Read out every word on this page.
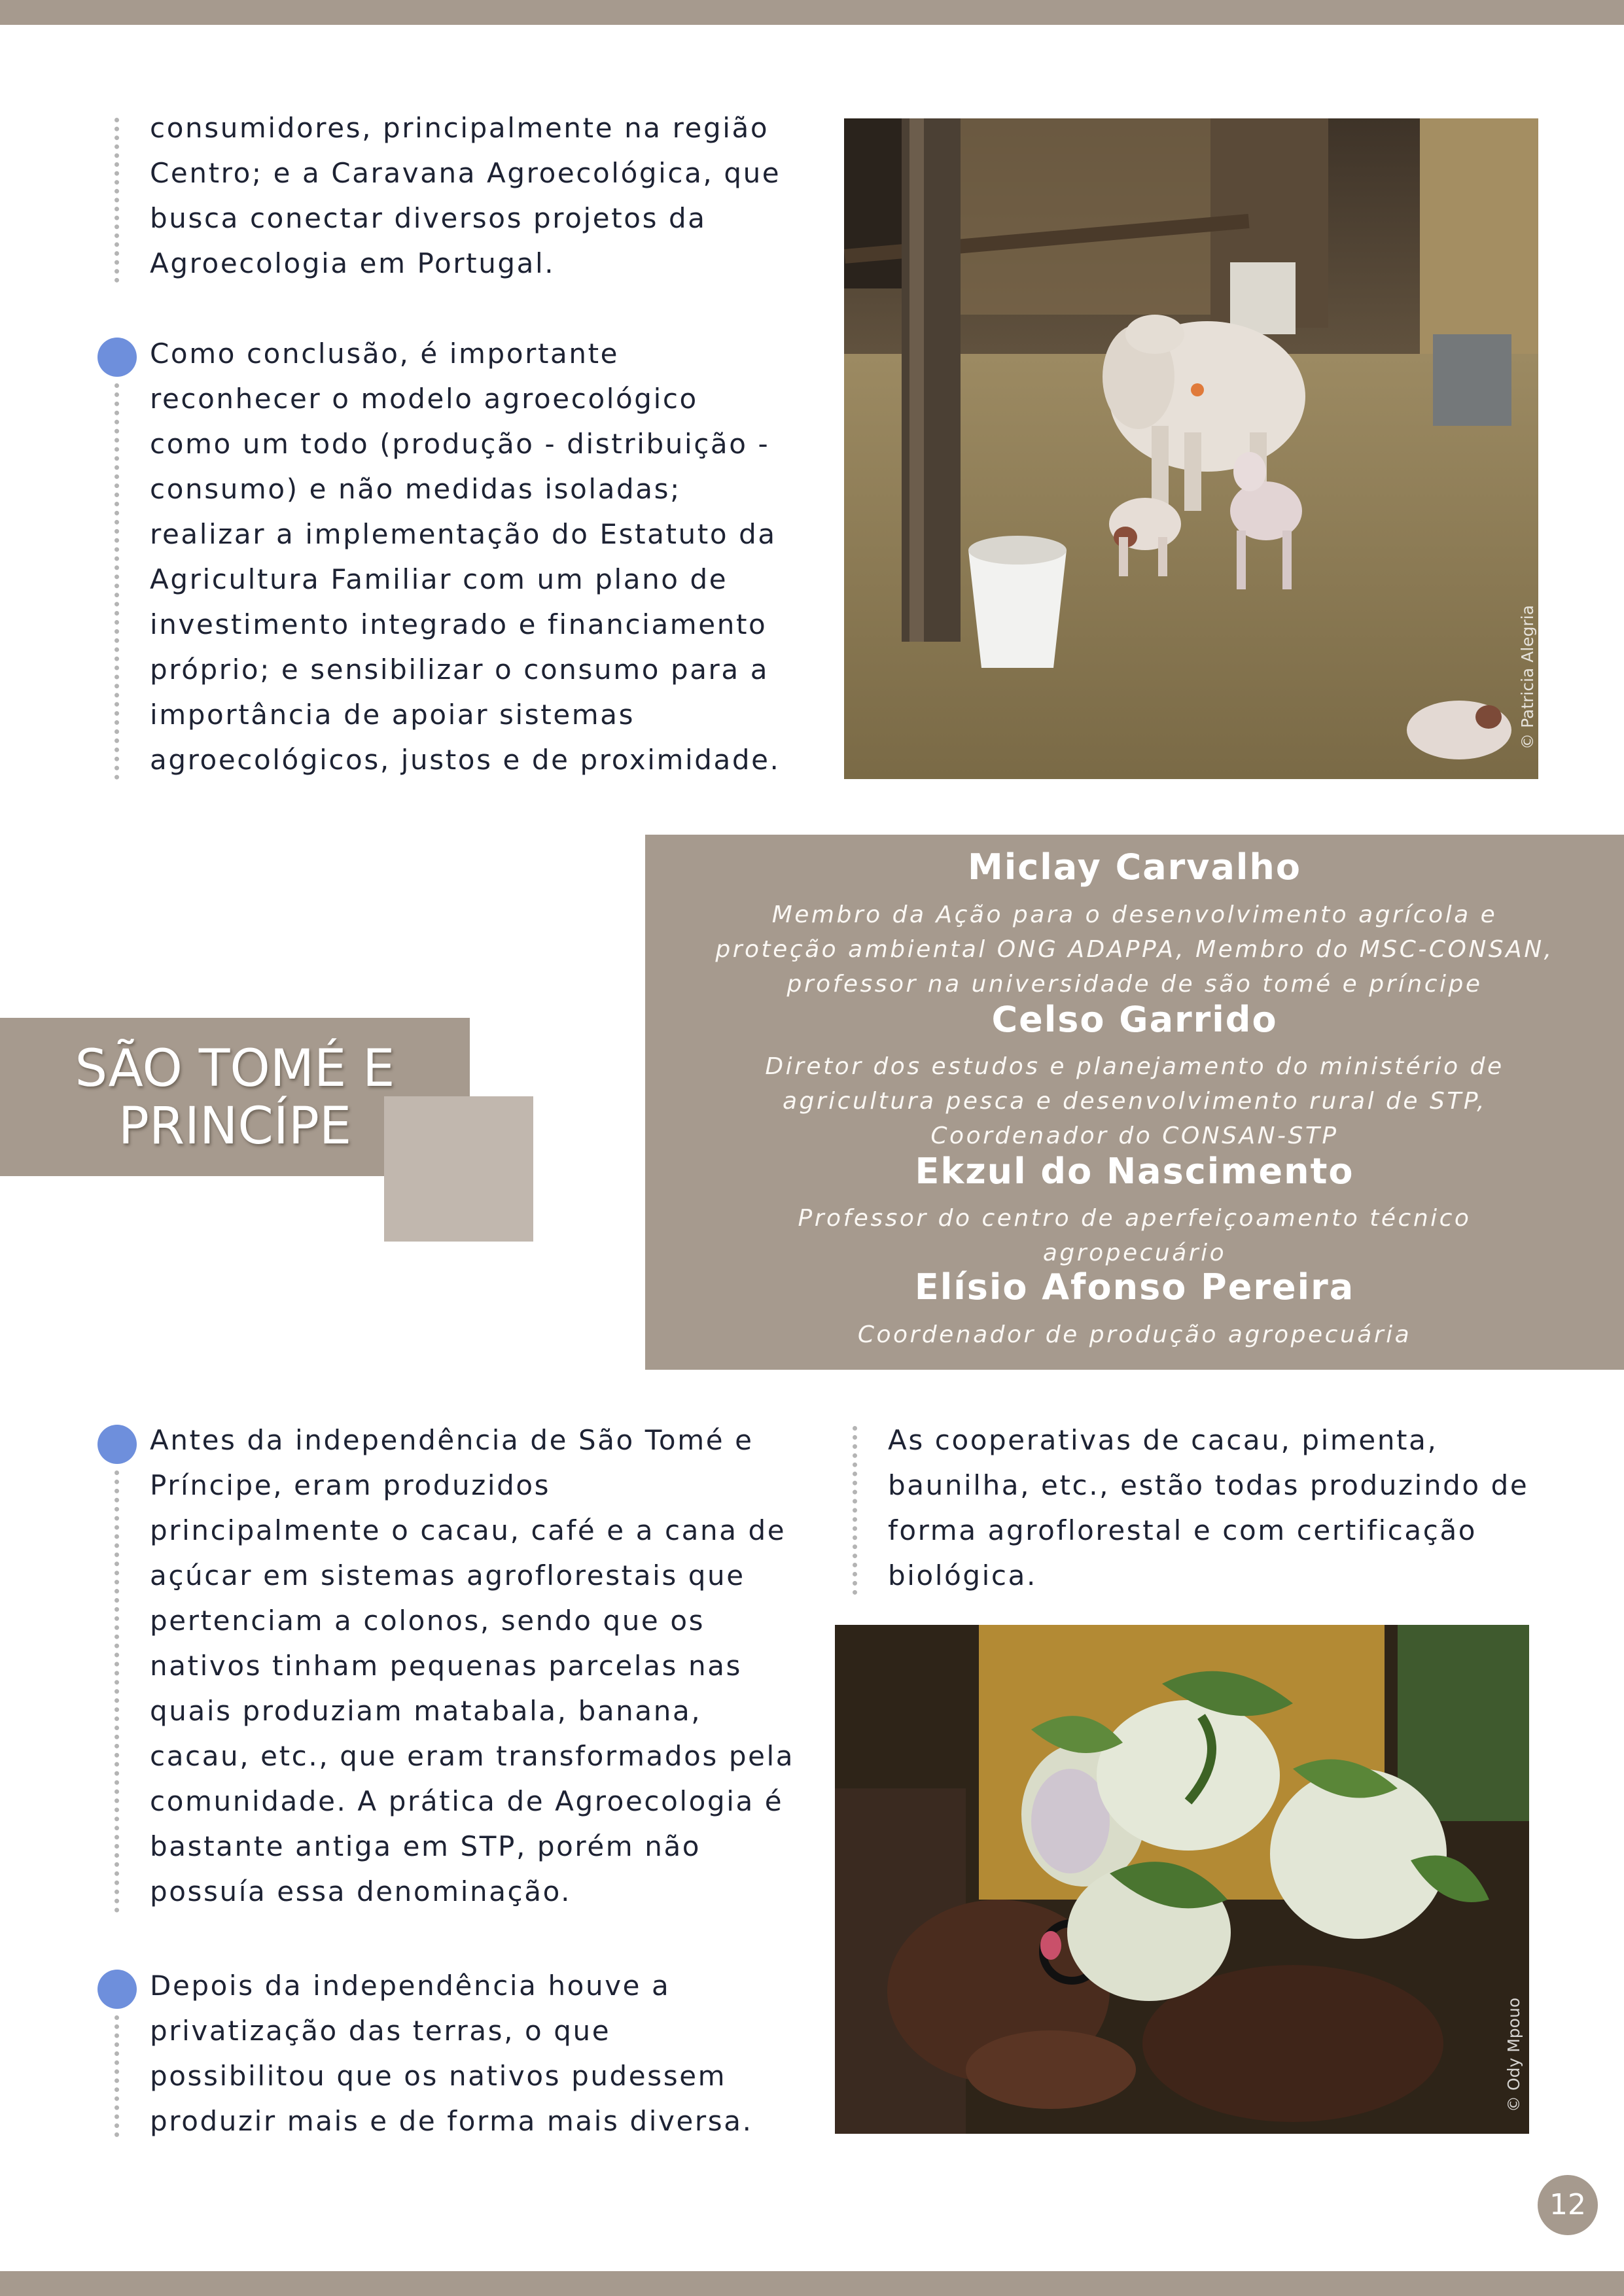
consumidores, principalmente na região
Centro; e a Caravana Agroecológica, que
busca conectar diversos projetos da
Agroecologia em Portugal.

Como conclusão, é importante
reconhecer o modelo agroecológico
como um todo (produção - distribuição -
consumo) e não medidas isoladas;
realizar a implementação do Estatuto da
Agricultura Familiar com um plano de
investimento integrado e financiamento
próprio; e sensibilizar o consumo para a
importância de apoiar sistemas
agroecológicos, justos e de proximidade.

© Patricia Alegria
SÃO TOMÉ E
PRINCÍPE
Miclay Carvalho
Membro da Ação para o desenvolvimento agrícola e
proteção ambiental ONG ADAPPA, Membro do MSC-CONSAN,
professor na universidade de são tomé e príncipe
Celso Garrido
Diretor dos estudos e planejamento do ministério de
agricultura pesca e desenvolvimento rural de STP,
Coordenador do CONSAN-STP
Ekzul do Nascimento
Professor do centro de aperfeiçoamento técnico
agropecuário
Elísio Afonso Pereira
Coordenador de produção agropecuária

Antes da independência de São Tomé e
Príncipe, eram produzidos
principalmente o cacau, café e a cana de
açúcar em sistemas agroflorestais que
pertenciam a colonos, sendo que os
nativos tinham pequenas parcelas nas
quais produziam matabala, banana,
cacau, etc., que eram transformados pela
comunidade. A prática de Agroecologia é
bastante antiga em STP, porém não
possuía essa denominação.

Depois da independência houve a
privatização das terras, o que
possibilitou que os nativos pudessem
produzir mais e de forma mais diversa.

As cooperativas de cacau, pimenta,
baunilha, etc., estão todas produzindo de
forma agroflorestal e com certificação
biológica.

© Ody Mpouo
12
